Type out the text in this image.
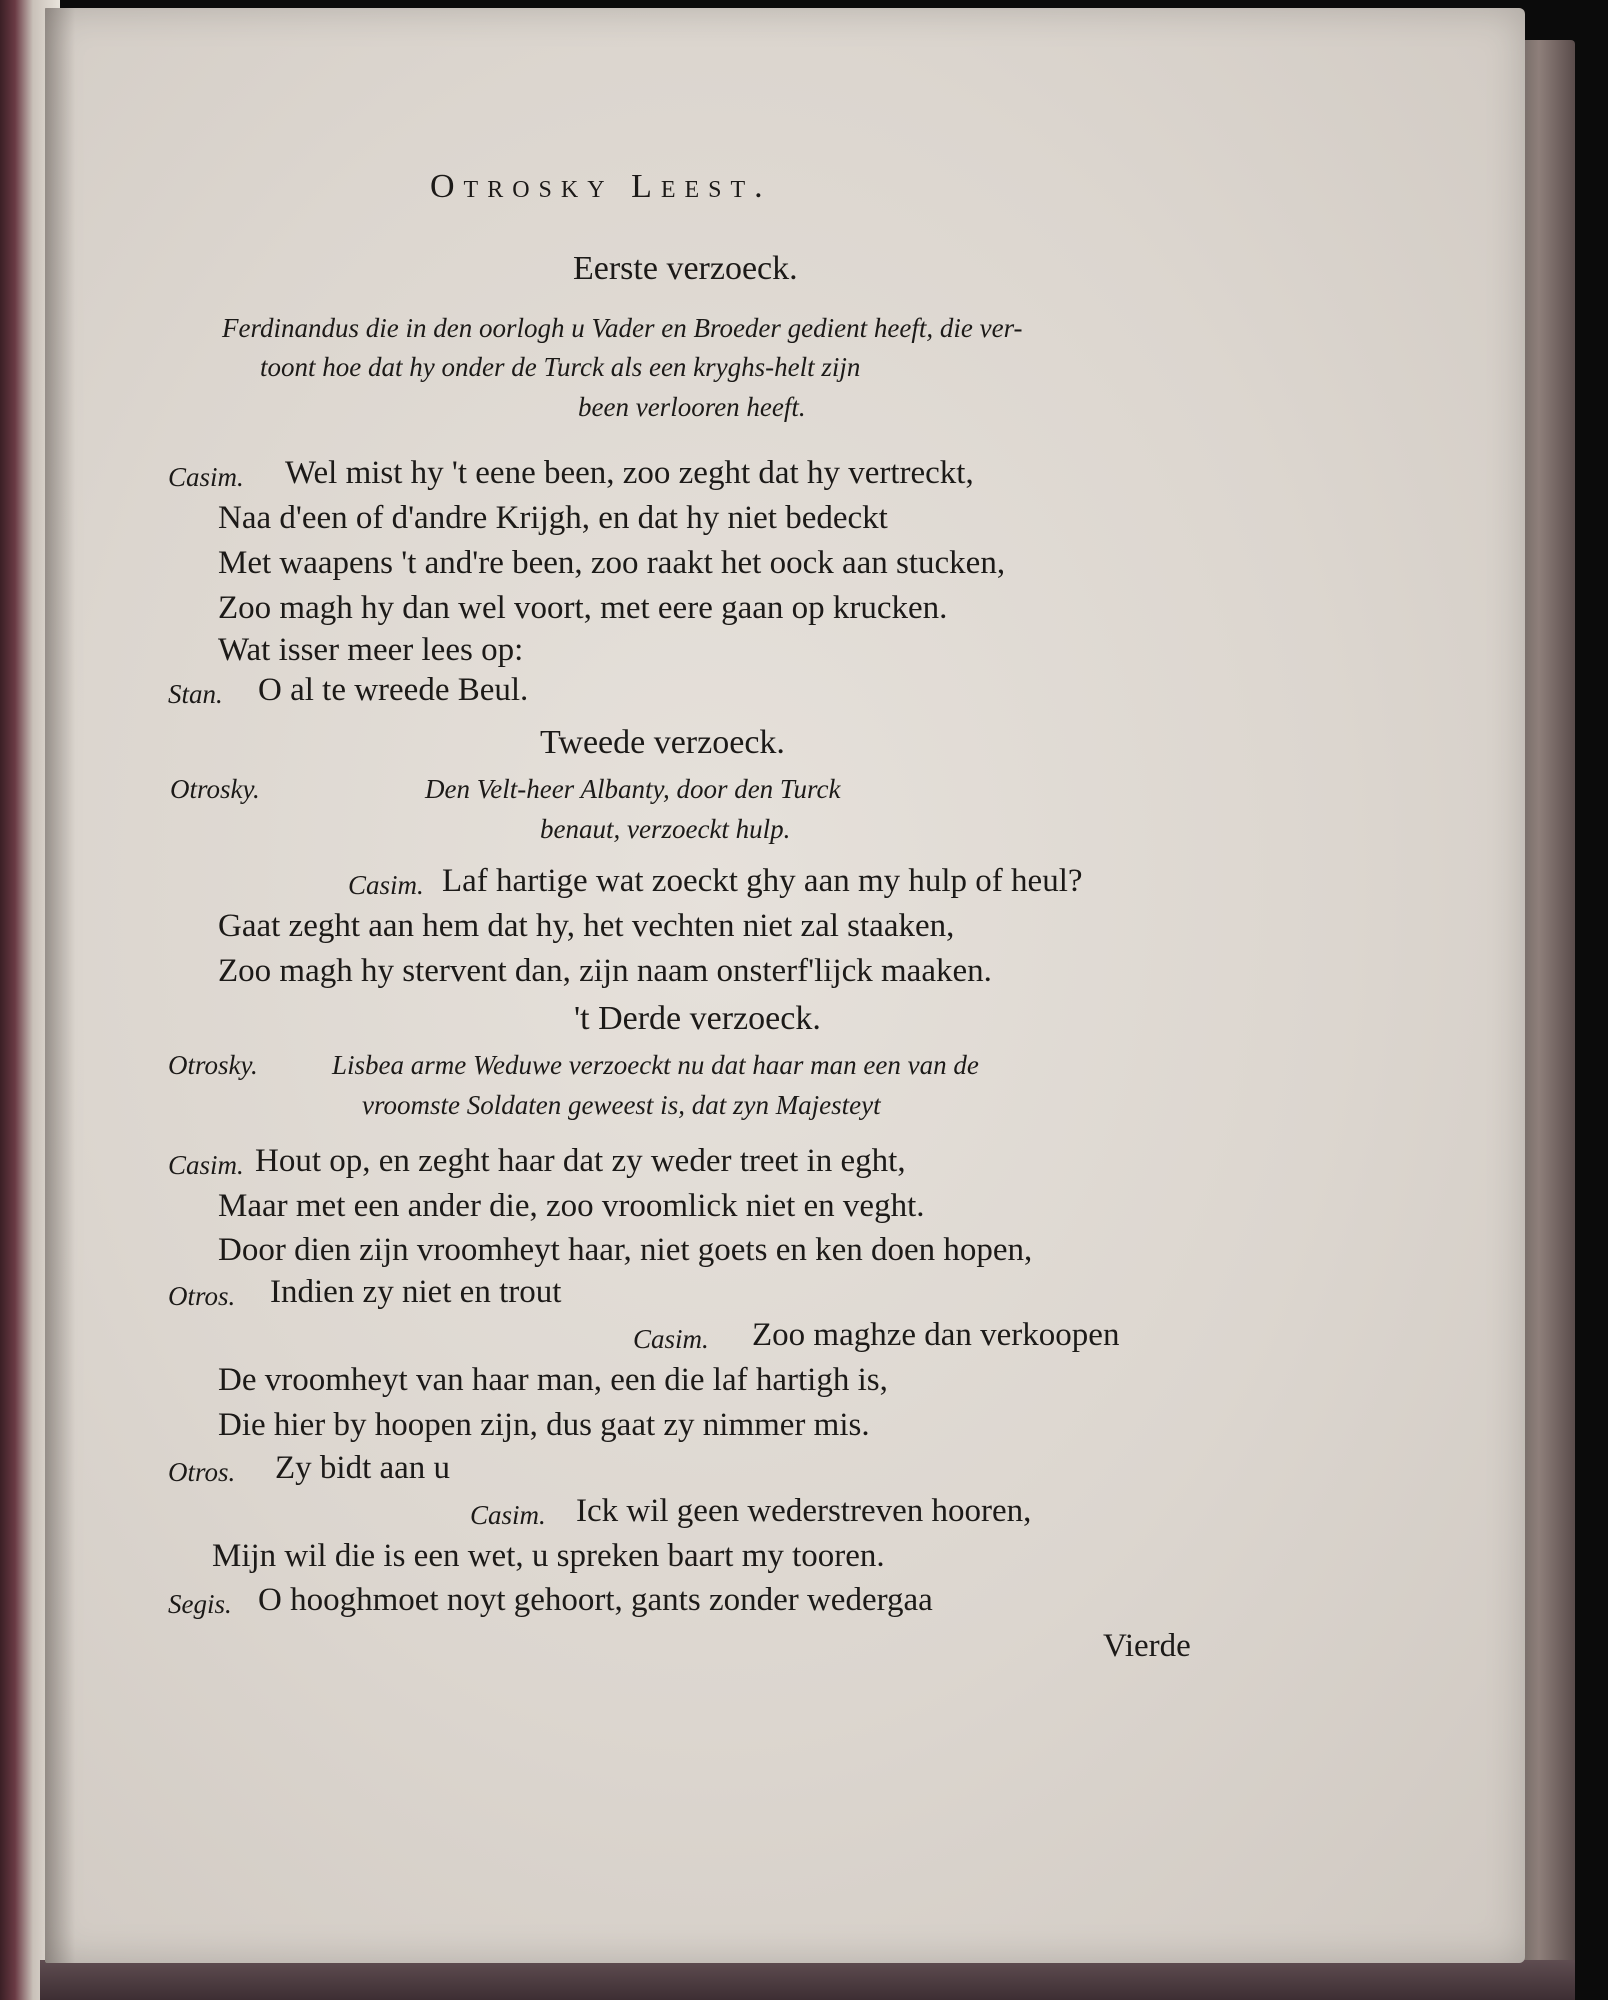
Otrosky Leest.
Eerste verzoeck.
Ferdinandus die in den oorlogh u Vader en Broeder gedient heeft, die ver-
toont hoe dat hy onder de Turck als een kryghs-helt zijn
been verlooren heeft.
Casim. Wel mist hy 't eene been, zoo zeght dat hy vertreckt,
Naa d'een of d'andre Krijgh, en dat hy niet bedeckt
Met waapens 't and're been, zoo raakt het oock aan stucken,
Zoo magh hy dan wel voort, met eere gaan op krucken.
Wat isser meer lees op:
Stan. O al te wreede Beul.
Tweede verzoeck.
Otrosky.	Den Velt-heer Albanty, door den Turck
benaut, verzoeckt hulp.
Casim. Laf hartige wat zoeckt ghy aan my hulp of heul?
Gaat zeght aan hem dat hy, het vechten niet zal staaken,
Zoo magh hy stervent dan, zijn naam onsterf'lijck maaken.
't Derde verzoeck.
Otrosky.	Lisbea arme Weduwe verzoeckt nu dat haar man een van de
vroomste Soldaten geweest is, dat zyn Majesteyt
Casim. Hout op, en zeght haar dat zy weder treet in eght,
Maar met een ander die, zoo vroomlick niet en veght.
Door dien zijn vroomheyt haar, niet goets en ken doen hopen,
Otros. Indien zy niet en trout
Casim. Zoo maghze dan verkoopen
De vroomheyt van haar man, een die laf hartigh is,
Die hier by hoopen zijn, dus gaat zy nimmer mis.
Otros. Zy bidt aan u
Casim. Ick wil geen wederstreven hooren,
Mijn wil die is een wet, u spreken baart my tooren.
Segis. O hooghmoet noyt gehoort, gants zonder wedergaa
Vierde
